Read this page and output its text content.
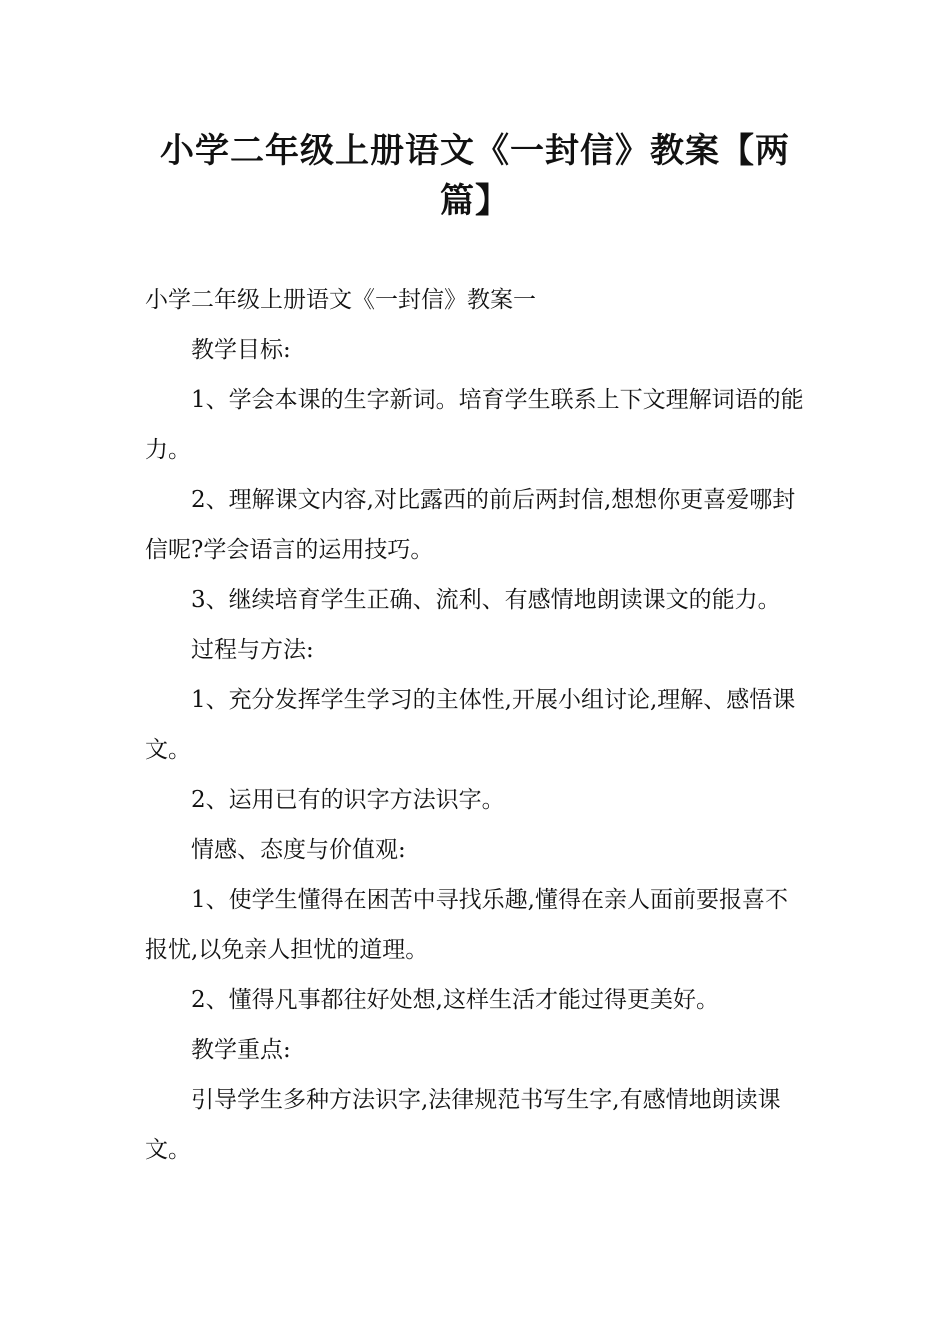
小学二年级上册语文《一封信》教案【两篇】

小学二年级上册语文《一封信》教案一

教学目标:

1、学会本课的生字新词。培育学生联系上下文理解词语的能力。

2、理解课文内容,对比露西的前后两封信,想想你更喜爱哪封信呢?学会语言的运用技巧。

3、继续培育学生正确、流利、有感情地朗读课文的能力。

过程与方法:

1、充分发挥学生学习的主体性,开展小组讨论,理解、感悟课文。

2、运用已有的识字方法识字。

情感、态度与价值观:

1、使学生懂得在困苦中寻找乐趣,懂得在亲人面前要报喜不报忧,以免亲人担忧的道理。

2、懂得凡事都往好处想,这样生活才能过得更美好。

教学重点:

引导学生多种方法识字,法律规范书写生字,有感情地朗读课文。
